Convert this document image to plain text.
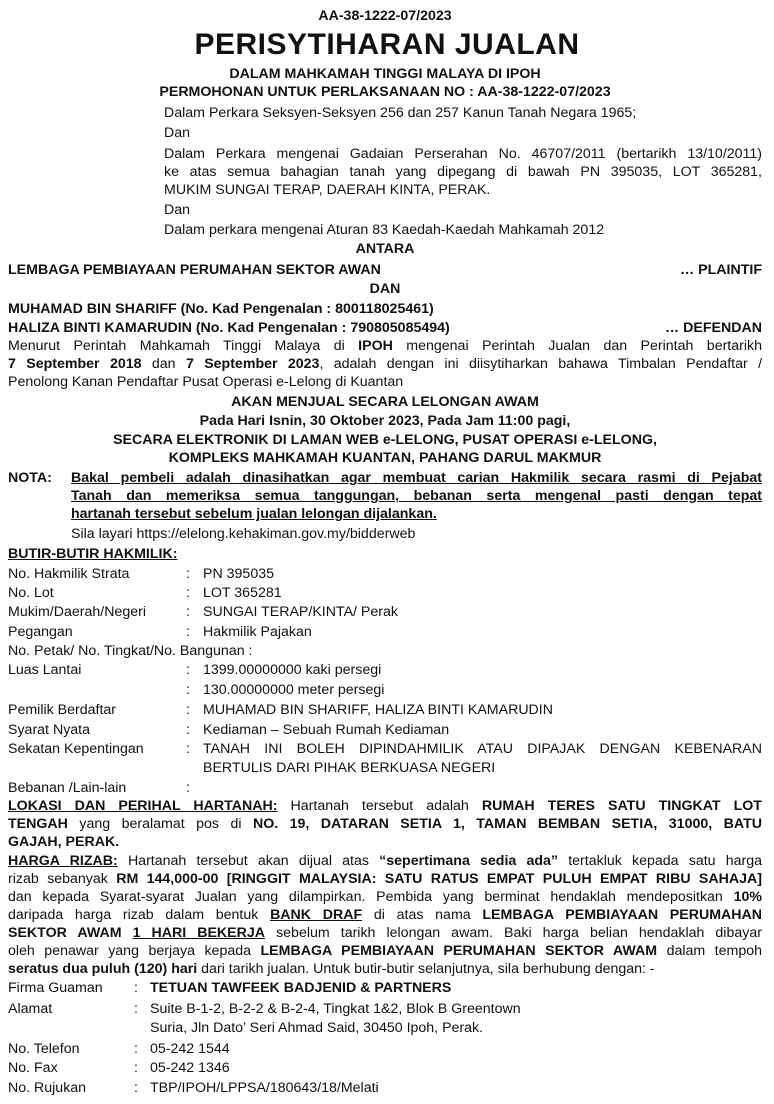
AA-38-1222-07/2023
PERISYTIHARAN JUALAN
DALAM MAHKAMAH TINGGI MALAYA DI IPOH
PERMOHONAN UNTUK PERLAKSANAAN NO : AA-38-1222-07/2023
Dalam Perkara Seksyen-Seksyen 256 dan 257 Kanun Tanah Negara 1965;
Dan
Dalam Perkara mengenai Gadaian Perserahan No. 46707/2011 (bertarikh 13/10/2011)
ke atas semua bahagian tanah yang dipegang di bawah PN 395035, LOT 365281,
MUKIM SUNGAI TERAP, DAERAH KINTA, PERAK.
Dan
Dalam perkara mengenai Aturan 83 Kaedah-Kaedah Mahkamah 2012
ANTARA
LEMBAGA PEMBIAYAAN PERUMAHAN SEKTOR AWAN	… PLAINTIF
DAN
MUHAMAD BIN SHARIFF (No. Kad Pengenalan : 800118025461)
HALIZA BINTI KAMARUDIN (No. Kad Pengenalan : 790805085494)	… DEFENDAN
Menurut Perintah Mahkamah Tinggi Malaya di IPOH mengenai Perintah Jualan dan Perintah bertarikh
7 September 2018 dan 7 September 2023, adalah dengan ini diisytiharkan bahawa Timbalan Pendaftar /
Penolong Kanan Pendaftar Pusat Operasi e-Lelong di Kuantan
AKAN MENJUAL SECARA LELONGAN AWAM
Pada Hari Isnin, 30 Oktober 2023, Pada Jam 11:00 pagi,
SECARA ELEKTRONIK DI LAMAN WEB e-LELONG, PUSAT OPERASI e-LELONG,
KOMPLEKS MAHKAMAH KUANTAN, PAHANG DARUL MAKMUR
NOTA:	Bakal pembeli adalah dinasihatkan agar membuat carian Hakmilik secara rasmi di Pejabat
Tanah dan memeriksa semua tanggungan, bebanan serta mengenal pasti dengan tepat
hartanah tersebut sebelum jualan lelongan dijalankan.
Sila layari https://elelong.kehakiman.gov.my/bidderweb
BUTIR-BUTIR HAKMILIK:
No. Hakmilik Strata	: PN 395035
No. Lot	: LOT 365281
Mukim/Daerah/Negeri	: SUNGAI TERAP/KINTA/ Perak
Pegangan	: Hakmilik Pajakan
No. Petak/ No. Tingkat/No. Bangunan :
Luas Lantai	: 1399.00000000 kaki persegi
: 130.00000000 meter persegi
Pemilik Berdaftar	: MUHAMAD BIN SHARIFF, HALIZA BINTI KAMARUDIN
Syarat Nyata	: Kediaman – Sebuah Rumah Kediaman
Sekatan Kepentingan	: TANAH INI BOLEH DIPINDAHMILIK ATAU DIPAJAK DENGAN KEBENARAN
BERTULIS DARI PIHAK BERKUASA NEGERI
Bebanan /Lain-lain	:
LOKASI DAN PERIHAL HARTANAH: Hartanah tersebut adalah RUMAH TERES SATU TINGKAT LOT
TENGAH yang beralamat pos di NO. 19, DATARAN SETIA 1, TAMAN BEMBAN SETIA, 31000, BATU
GAJAH, PERAK.
HARGA RIZAB: Hartanah tersebut akan dijual atas “sepertimana sedia ada” tertakluk kepada satu harga
rizab sebanyak RM 144,000-00 [RINGGIT MALAYSIA: SATU RATUS EMPAT PULUH EMPAT RIBU SAHAJA]
dan kepada Syarat-syarat Jualan yang dilampirkan. Pembida yang berminat hendaklah mendepositkan 10%
daripada harga rizab dalam bentuk BANK DRAF di atas nama LEMBAGA PEMBIAYAAN PERUMAHAN
SEKTOR AWAM 1 HARI BEKERJA sebelum tarikh lelongan awam. Baki harga belian hendaklah dibayar
oleh penawar yang berjaya kepada LEMBAGA PEMBIAYAAN PERUMAHAN SEKTOR AWAM dalam tempoh
seratus dua puluh (120) hari dari tarikh jualan. Untuk butir-butir selanjutnya, sila berhubung dengan: -
Firma Guaman : TETUAN TAWFEEK BADJENID & PARTNERS
Alamat	: Suite B-1-2, B-2-2 & B-2-4, Tingkat 1&2, Blok B Greentown
Suria, Jln Dato’ Seri Ahmad Said, 30450 Ipoh, Perak.
No. Telefon	: 05-242 1544
No. Fax	: 05-242 1346
No. Rujukan	: TBP/IPOH/LPPSA/180643/18/Melati
